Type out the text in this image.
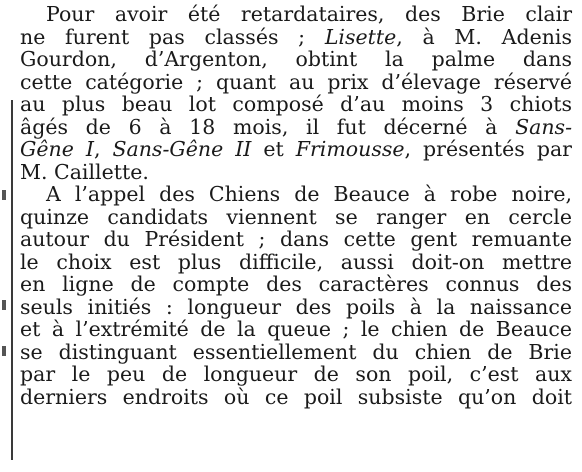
Pour avoir été retardataires, des Brie clair
ne furent pas classés ; Lisette, à M. Adenis
Gourdon, d’Argenton, obtint la palme dans
cette catégorie ; quant au prix d’élevage réservé
au plus beau lot composé d’au moins 3 chiots
âgés de 6 à 18 mois, il fut décerné à Sans-
Gêne I, Sans-Gêne II et Frimousse, présentés par
M. Caillette.
A l’appel des Chiens de Beauce à robe noire,
quinze candidats viennent se ranger en cercle
autour du Président ; dans cette gent remuante
le choix est plus difficile, aussi doit-on mettre
en ligne de compte des caractères connus des
seuls initiés : longueur des poils à la naissance
et à l’extrémité de la queue ; le chien de Beauce
se distinguant essentiellement du chien de Brie
par le peu de longueur de son poil, c’est aux
derniers endroits où ce poil subsiste qu’on doit
